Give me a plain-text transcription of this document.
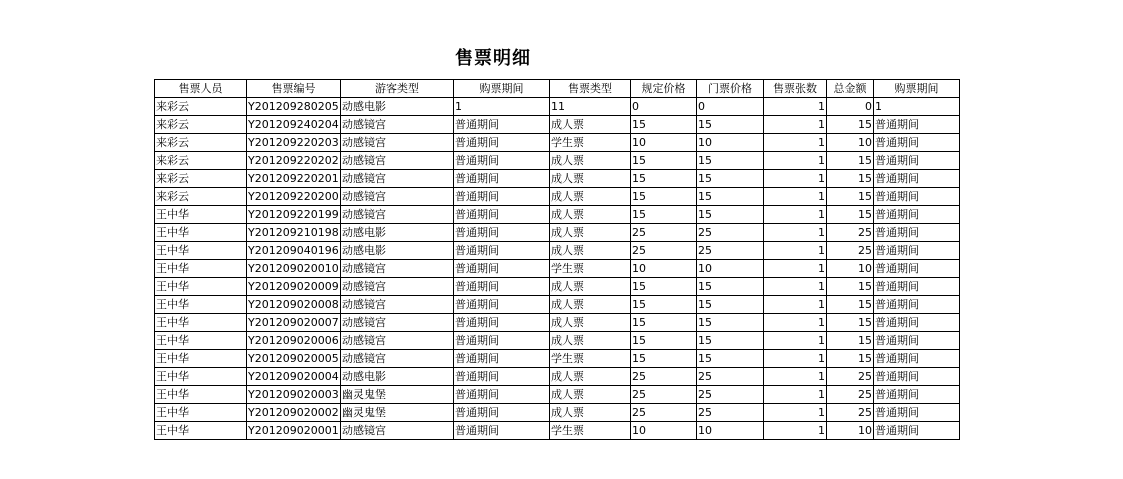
售票明细
售票人员	售票编号	游客类型	购票期间	售票类型	规定价格	门票价格	售票张数	总金额	购票期间
来彩云	Y201209280205	动感电影	1	11	0	0	1	0	1
来彩云	Y201209240204	动感镜宫	普通期间	成人票	15	15	1	15	普通期间
来彩云	Y201209220203	动感镜宫	普通期间	学生票	10	10	1	10	普通期间
来彩云	Y201209220202	动感镜宫	普通期间	成人票	15	15	1	15	普通期间
来彩云	Y201209220201	动感镜宫	普通期间	成人票	15	15	1	15	普通期间
来彩云	Y201209220200	动感镜宫	普通期间	成人票	15	15	1	15	普通期间
王中华	Y201209220199	动感镜宫	普通期间	成人票	15	15	1	15	普通期间
王中华	Y201209210198	动感电影	普通期间	成人票	25	25	1	25	普通期间
王中华	Y201209040196	动感电影	普通期间	成人票	25	25	1	25	普通期间
王中华	Y201209020010	动感镜宫	普通期间	学生票	10	10	1	10	普通期间
王中华	Y201209020009	动感镜宫	普通期间	成人票	15	15	1	15	普通期间
王中华	Y201209020008	动感镜宫	普通期间	成人票	15	15	1	15	普通期间
王中华	Y201209020007	动感镜宫	普通期间	成人票	15	15	1	15	普通期间
王中华	Y201209020006	动感镜宫	普通期间	成人票	15	15	1	15	普通期间
王中华	Y201209020005	动感镜宫	普通期间	学生票	15	15	1	15	普通期间
王中华	Y201209020004	动感电影	普通期间	成人票	25	25	1	25	普通期间
王中华	Y201209020003	幽灵鬼堡	普通期间	成人票	25	25	1	25	普通期间
王中华	Y201209020002	幽灵鬼堡	普通期间	成人票	25	25	1	25	普通期间
王中华	Y201209020001	动感镜宫	普通期间	学生票	10	10	1	10	普通期间
